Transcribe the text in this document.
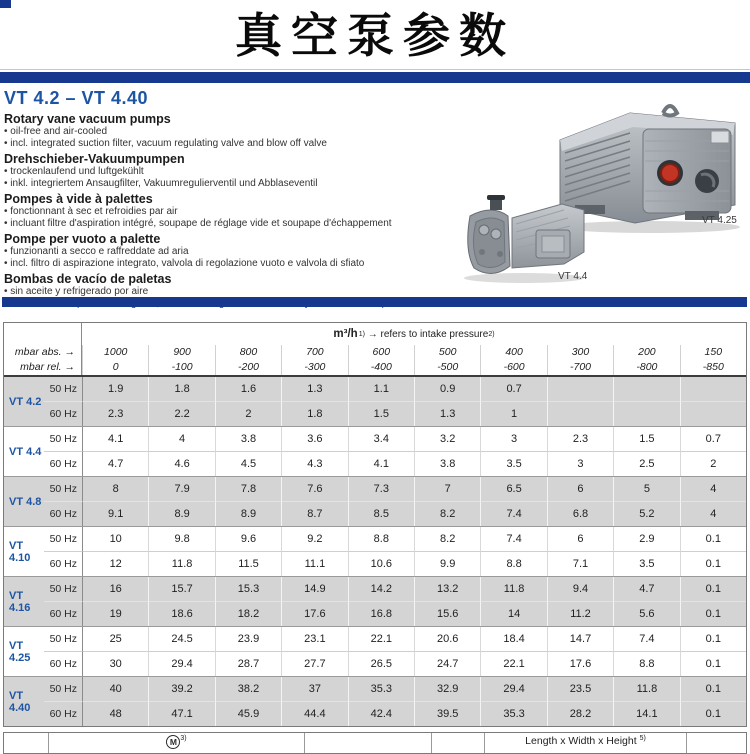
真空泵参数
VT 4.2 – VT 4.40

Rotary vane vacuum pumps

• oil-free and air-cooled

• incl. integrated suction filter, vacuum regulating valve and blow off valve

Drehschieber-Vakuumpumpen

• trockenlaufend und luftgekühlt

• inkl. integriertem Ansaugfilter, Vakuumregulierventil und Abblaseventil

Pompes à vide à palettes

• fonctionnant à sec et refroidies par air

• incluant filtre d'aspiration intégré, soupape de réglage vide et soupape d'échappement

Pompe per vuoto a palette

• funzionanti a secco e raffreddate ad aria

• incl. filtro di aspirazione integrato, valvola di regolazione vuoto e valvola di sfiato

Bombas de vacío de paletas

• sin aceite y refrigerado por aire

•

VT 4.25
VT 4.4
m³/h 1)
→ refers to intake pressure 2)
mbar abs. →	1000	900	800	700	600	500	400	300	200	150
mbar rel. →	0	-100	-200	-300	-400	-500	-600	-700	-800	-850
VT 4.2
50 Hz	1.9	1.8	1.6	1.3	1.1	0.9	0.7
60 Hz	2.3	2.2	2	1.8	1.5	1.3	1
VT 4.4
50 Hz	4.1	4	3.8	3.6	3.4	3.2	3	2.3	1.5	0.7
60 Hz	4.7	4.6	4.5	4.3	4.1	3.8	3.5	3	2.5	2
VT 4.8
50 Hz	8	7.9	7.8	7.6	7.3	7	6.5	6	5	4
60 Hz	9.1	8.9	8.9	8.7	8.5	8.2	7.4	6.8	5.2	4
VT 4.10
50 Hz	10	9.8	9.6	9.2	8.8	8.2	7.4	6	2.9	0.1
60 Hz	12	11.8	11.5	11.1	10.6	9.9	8.8	7.1	3.5	0.1
VT 4.16
50 Hz	16	15.7	15.3	14.9	14.2	13.2	11.8	9.4	4.7	0.1
60 Hz	19	18.6	18.2	17.6	16.8	15.6	14	11.2	5.6	0.1
VT 4.25
50 Hz	25	24.5	23.9	23.1	22.1	20.6	18.4	14.7	7.4	0.1
60 Hz	30	29.4	28.7	27.7	26.5	24.7	22.1	17.6	8.8	0.1
VT 4.40
50 Hz	40	39.2	38.2	37	35.3	32.9	29.4	23.5	11.8	0.1
60 Hz	48	47.1	45.9	44.4	42.4	39.5	35.3	28.2	14.1	0.1
M $^{3)}$	Length x Width x Height
$^{5)}$
